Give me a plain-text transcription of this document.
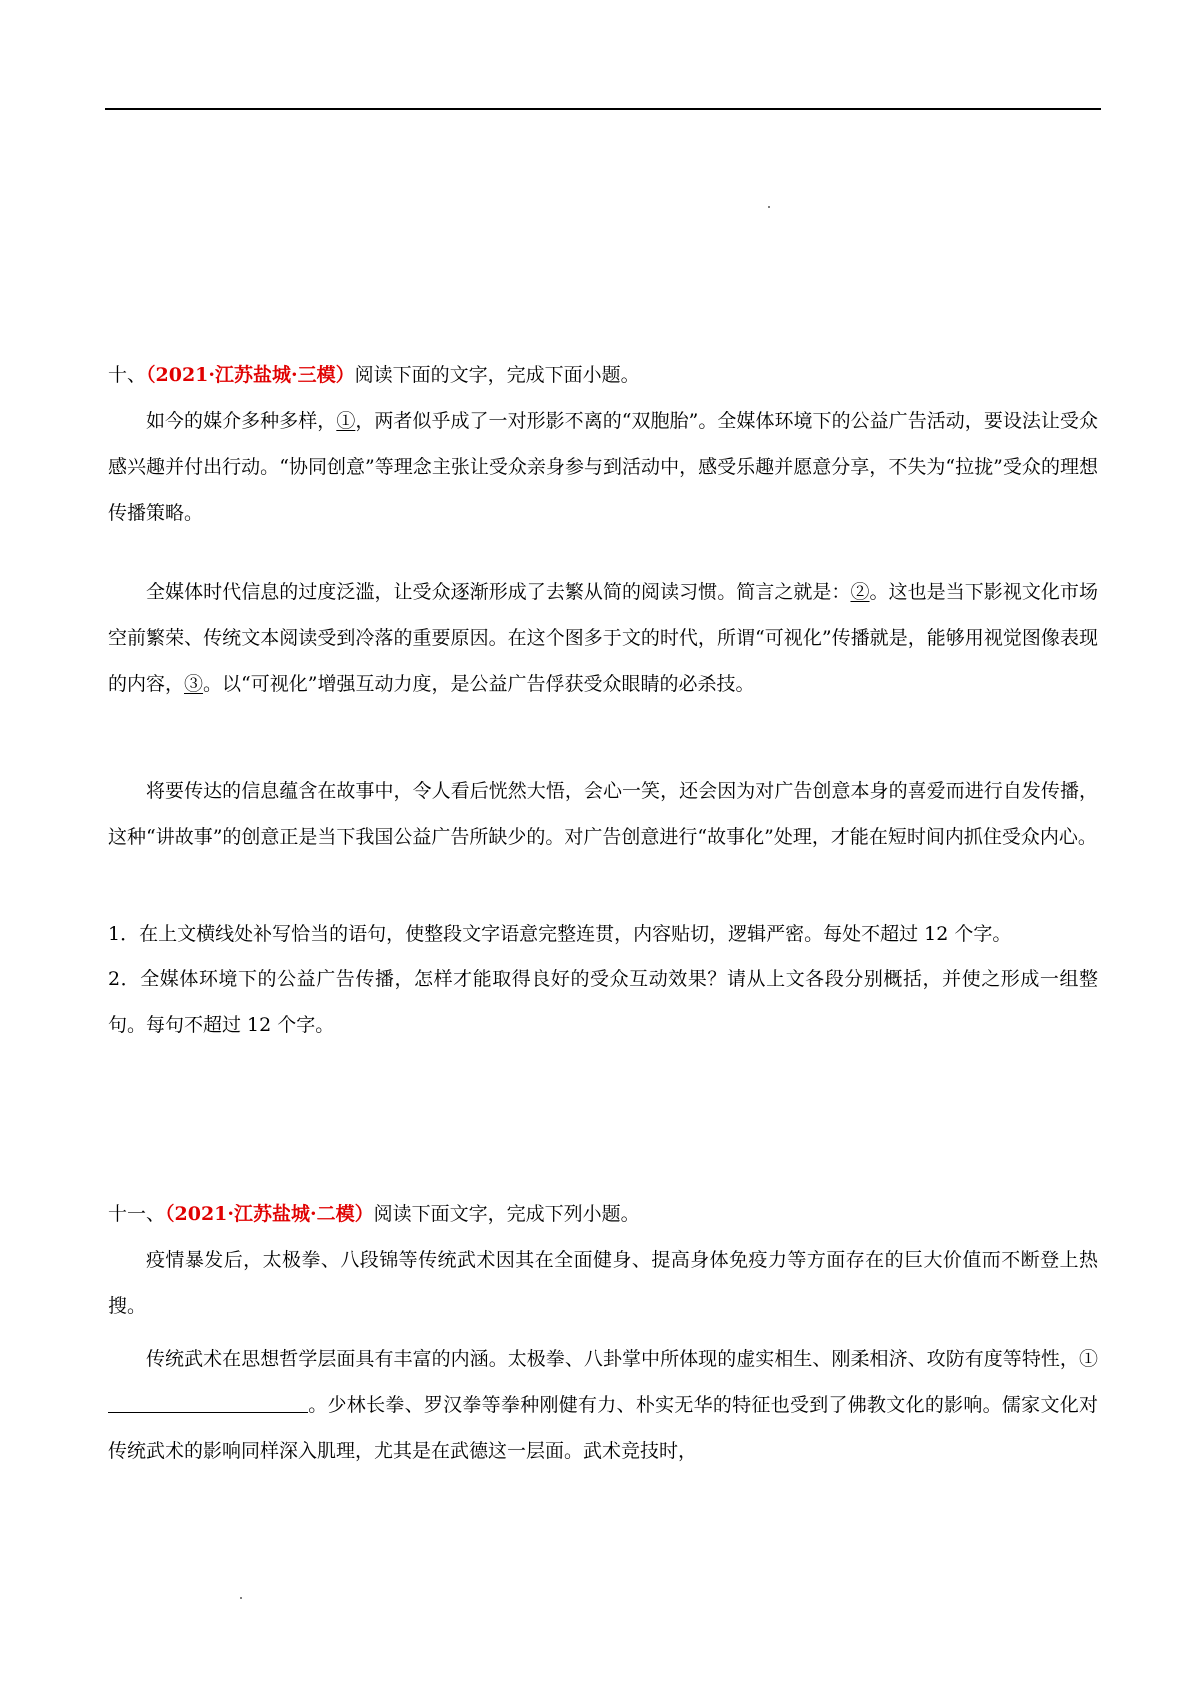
十、（2021·江苏盐城·三模）阅读下面的文字，完成下面小题。

如今的媒介多种多样，①，两者似乎成了一对形影不离的“双胞胎”。全媒体环境下的公益广告活动，要设法让受众感兴趣并付出行动。“协同创意”等理念主张让受众亲身参与到活动中，感受乐趣并愿意分享，不失为“拉拢”受众的理想传播策略。

全媒体时代信息的过度泛滥，让受众逐渐形成了去繁从简的阅读习惯。简言之就是：②。这也是当下影视文化市场空前繁荣、传统文本阅读受到冷落的重要原因。在这个图多于文的时代，所谓“可视化”传播就是，能够用视觉图像表现的内容，③。以“可视化”增强互动力度，是公益广告俘获受众眼睛的必杀技。

将要传达的信息蕴含在故事中，令人看后恍然大悟，会心一笑，还会因为对广告创意本身的喜爱而进行自发传播，这种“讲故事”的创意正是当下我国公益广告所缺少的。对广告创意进行“故事化”处理，才能在短时间内抓住受众内心。

1．在上文横线处补写恰当的语句，使整段文字语意完整连贯，内容贴切，逻辑严密。每处不超过 12 个字。

2．全媒体环境下的公益广告传播，怎样才能取得良好的受众互动效果？请从上文各段分别概括，并使之形成一组整句。每句不超过 12 个字。

十一、（2021·江苏盐城·二模）阅读下面文字，完成下列小题。

疫情暴发后，太极拳、八段锦等传统武术因其在全面健身、提高身体免疫力等方面存在的巨大价值而不断登上热搜。

传统武术在思想哲学层面具有丰富的内涵。太极拳、八卦掌中所体现的虚实相生、刚柔相济、攻防有度等特性，①。少林长拳、罗汉拳等拳种刚健有力、朴实无华的特征也受到了佛教文化的影响。儒家文化对传统武术的影响同样深入肌理，尤其是在武德这一层面。武术竞技时，
